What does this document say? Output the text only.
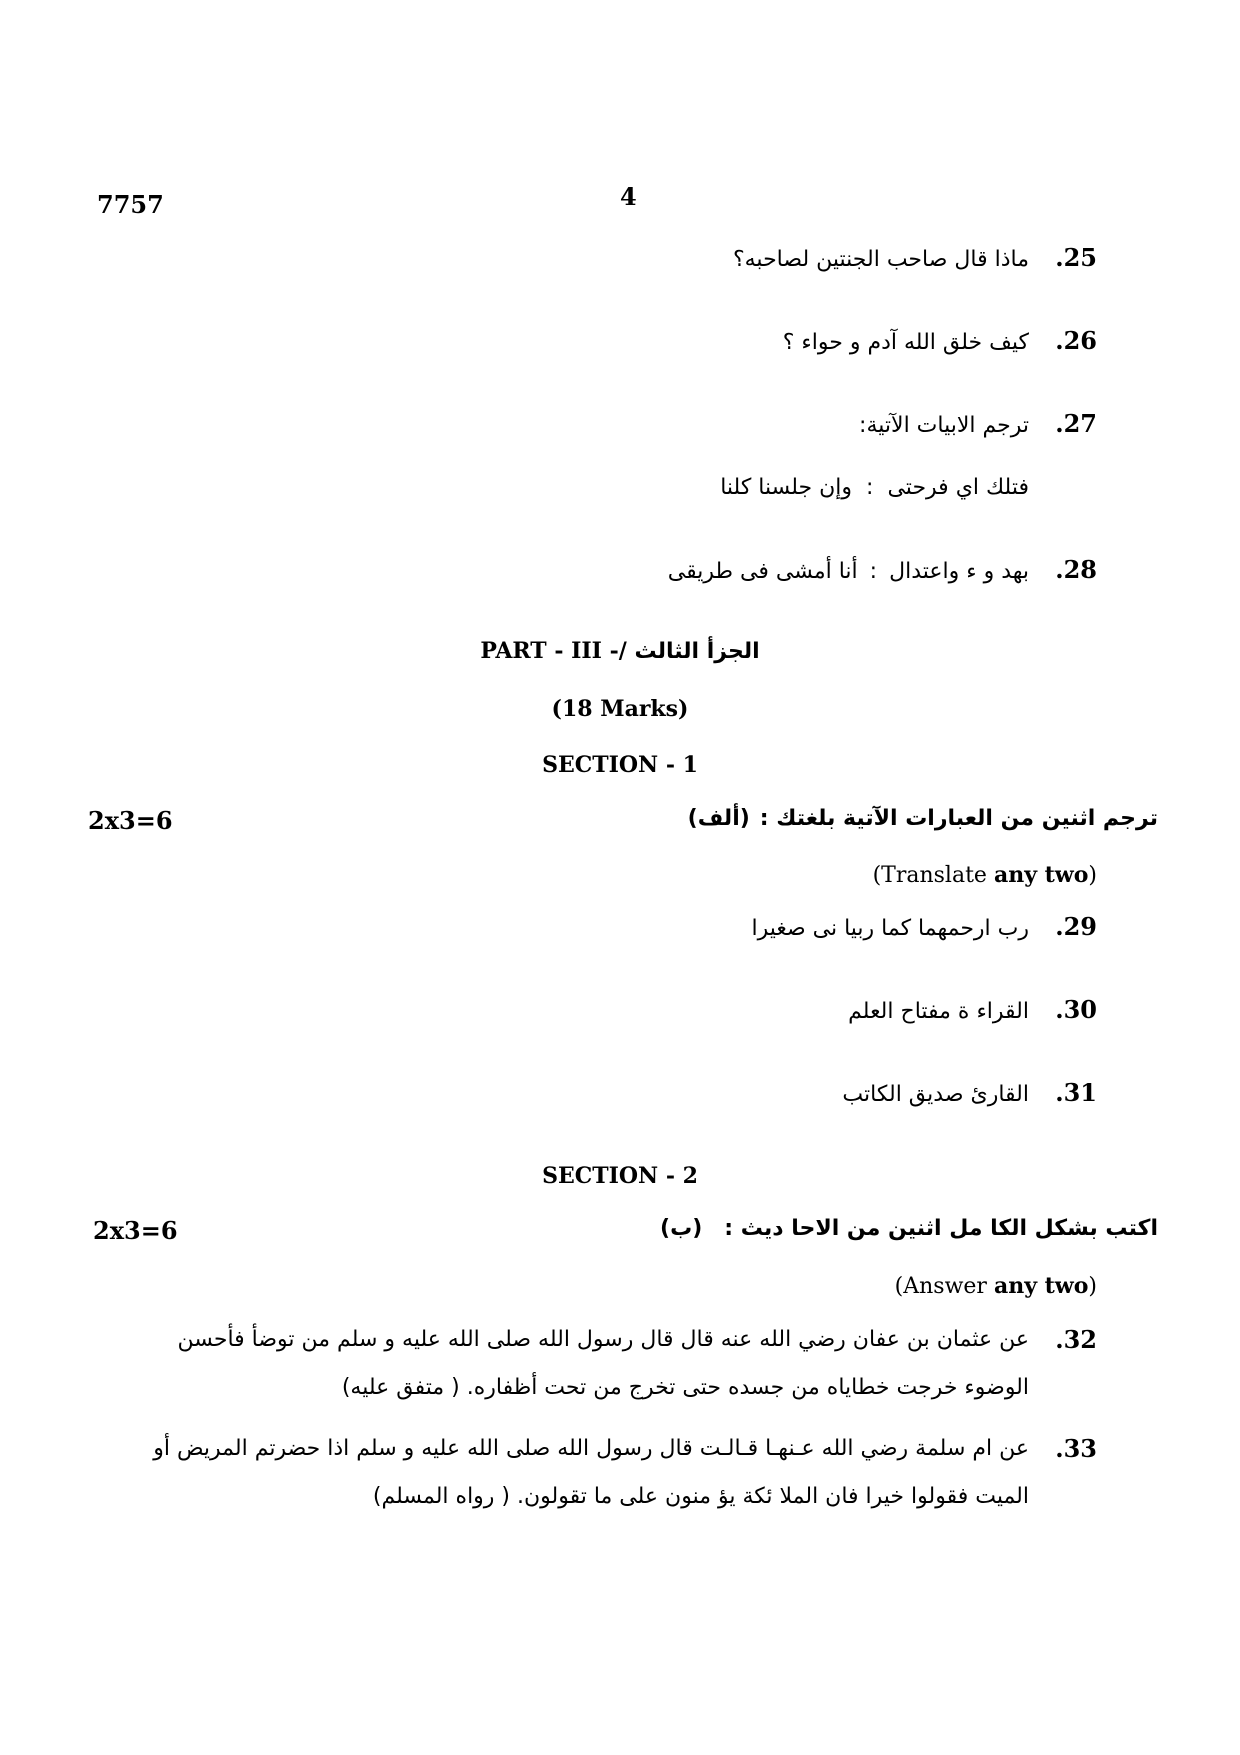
7757	4
.25
ماذا قال صاحب الجنتين لصاحبه؟
.26
كيف خلق الله آدم و حواء ؟
.27
ترجم الابيات الآتية:
وإن جلسنا كلنا : فتلك اي فرحتى
.28
أنا أمشى فى طريقى : بهد و ء واعتدال
PART - III -/ الجزأ الثالث
(18 Marks)
SECTION - 1
2x3=6	(ألف) ترجم اثنين من العبارات الآتية بلغتك :
(Translate any two)
.29
رب ارحمهما كما ربيا نى صغيرا
.30
القراء ة مفتاح العلم
.31
القارئ صديق الكاتب
SECTION - 2
2x3=6	(ب) اكتب بشكل الكا مل اثنين من الاحا ديث :
(Answer any two)
.32
عن عثمان بن عفان رضي الله عنه قال قال رسول الله صلى الله عليه و سلم من توضأ فأحسن الوضوء خرجت خطاياه من جسده حتى تخرج من تحت أظفاره. ( متفق عليه)
.33
عن ام سلمة رضي الله عـنهـا قـالـت قال رسول الله صلى الله عليه و سلم اذا حضرتم المريض أو الميت فقولوا خيرا فان الملا ئكة يؤ منون على ما تقولون. ( رواه المسلم)
